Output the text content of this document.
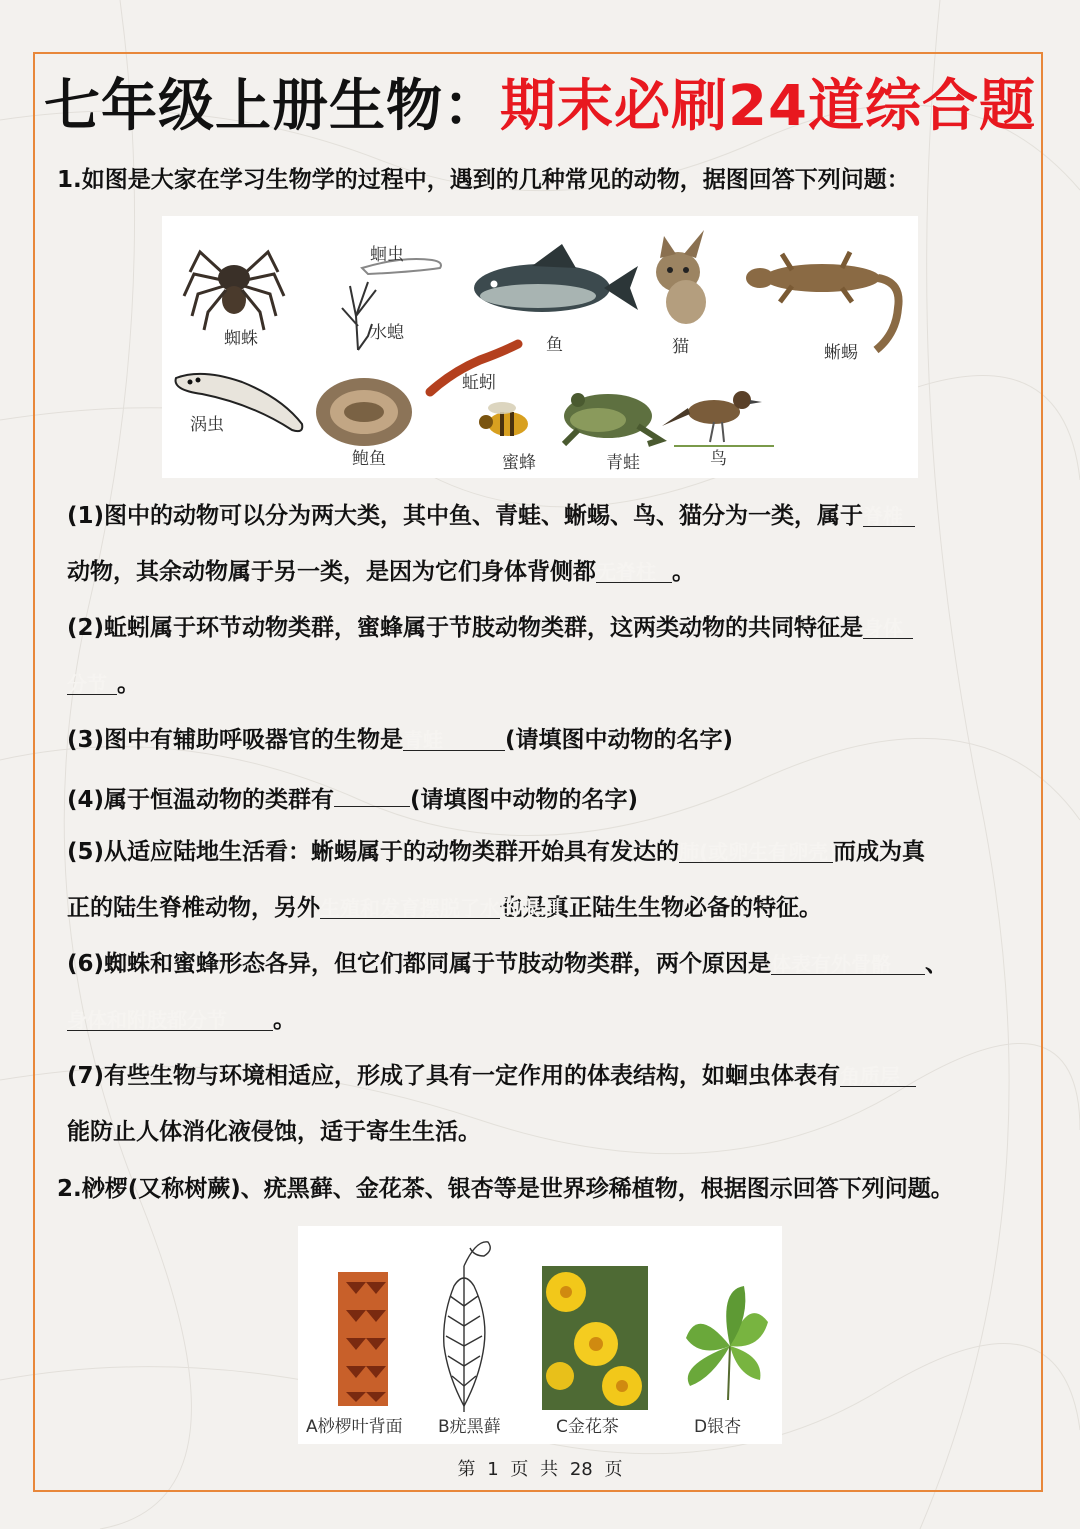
七年级上册生物：期末必刷24道综合题
1.如图是大家在学习生物学的过程中，遇到的几种常见的动物，据图回答下列问题：
蜘蛛
蛔虫
水螅
鱼	猫	蜥蜴
涡虫
鲍鱼
蚯蚓
蜜蜂	青蛙	鸟
(1)图中的动物可以分为两大类，其中鱼、青蛙、蜥蜴、鸟、猫分为一类，属于脊椎
动物，其余动物属于另一类，是因为它们身体背侧都无脊柱 。
(2)蚯蚓属于环节动物类群，蜜蜂属于节肢动物类群，这两类动物的共同特征是身体
分节 。
(3)图中有辅助呼吸器官的生物是青蛙	(请填图中动物的名字)
(4)属于恒温动物的类群有	(请填图中动物的名字)
(5)从适应陆地生活看：蜥蜴属于的动物类群开始具有发达的肺(或卵生有卵壳)而成为真
正的陆生脊椎动物，另外生殖和发育摆脱了水的限制也是真正陆生生物必备的特征。
(6)蜘蛛和蜜蜂形态各异，但它们都同属于节肢动物类群，两个原因是体表有外骨骼 、
身体和附肢都分节 。
(7)有些生物与环境相适应，形成了具有一定作用的体表结构，如蛔虫体表有角质层
能防止人体消化液侵蚀，适于寄生生活。
2.桫椤(又称树蕨)、疣黑藓、金花茶、银杏等是世界珍稀植物，根据图示回答下列问题。
A桫椤叶背面 B疣黑藓	C金花茶	D银杏
第 1 页 共 28 页
